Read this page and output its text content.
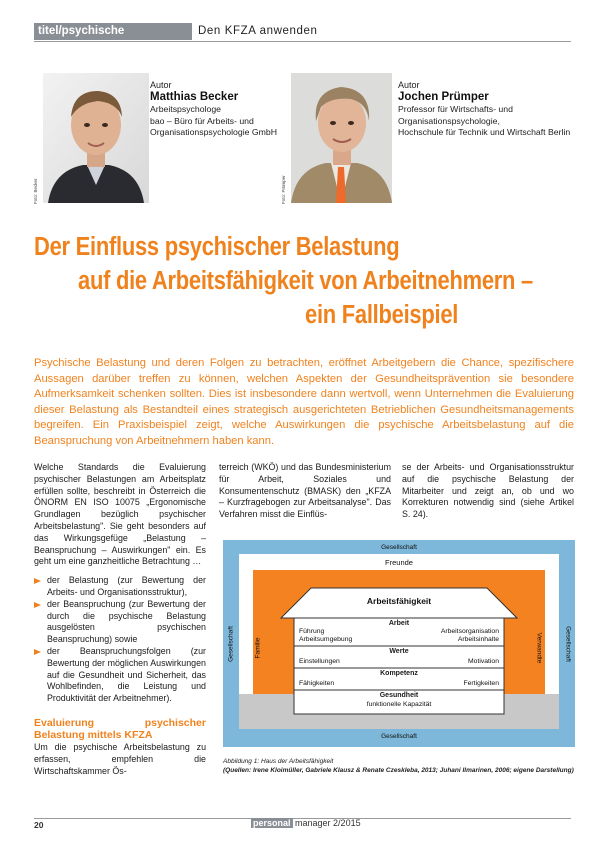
titel/psychische belastungen
Den KFZA anwenden
Foto: Becker
Autor
Matthias Becker
Arbeitspsychologe
bao – Büro für Arbeits- und
Organisationspsychologie GmbH
Foto: Prümper
Autor
Jochen Prümper
Professor für Wirtschafts- und
Organisationspsychologie,
Hochschule für Technik und Wirtschaft Berlin
Der Einfluss psychischer Belastung
auf die Arbeitsfähigkeit von Arbeitnehmern –
ein Fallbeispiel
Psychische Belastung und deren Folgen zu betrachten, eröffnet Arbeitgebern die Chance, spezifischere Aussagen darüber treffen zu können, welchen Aspekten der Gesundheitsprävention sie besondere Aufmerksamkeit schenken sollten. Dies ist insbesondere dann wertvoll, wenn Unternehmen die Evaluierung dieser Belastung als Bestandteil eines strategisch ausgerichteten Betrieblichen Gesundheitsmanagements begreifen. Ein Praxisbeispiel zeigt, welche Auswirkungen die psychische Arbeitsbelastung auf die Beanspruchung von Arbeitnehmern haben kann.

Welche Standards die Evaluierung psychischer Belastungen am Arbeitsplatz erfüllen sollte, beschreibt in Österreich die ÖNORM EN ISO 10075 „Ergonomische Grundlagen bezüglich psychischer Arbeitsbelastung". Sie geht besonders auf das Wirkungsgefüge „Belastung – Beanspruchung – Auswirkungen" ein. Es geht um eine ganzheitliche Betrachtung …

der Belastung (zur Bewertung der Arbeits- und Organisationsstruktur),

der Beanspruchung (zur Bewertung der durch die psychische Belastung ausgelösten psychischen Beanspruchung) sowie

der Beanspruchungsfolgen (zur Bewertung der möglichen Auswirkungen auf die Gesundheit und Sicherheit, das Wohlbefinden, die Leistung und Produktivität der Arbeitnehmer).

Evaluierung psychischer Belastung mittels KFZA

Um die psychische Arbeitsbelastung zu erfassen, empfehlen die Wirtschaftskammer Ös-

terreich (WKÖ) und das Bundesministerium für Arbeit, Soziales und Konsumentenschutz (BMASK) den „KFZA – Kurzfragebogen zur Arbeitsanalyse". Das Verfahren misst die Einflüs-

se der Arbeits- und Organisationsstruktur auf die psychische Belastung der Mitarbeiter und zeigt an, ob und wo Korrekturen notwendig sind (siehe Artikel S. 24).

Gesellschaft
Gesellschaft
Gesellschaft	Gesellschaft
Freunde
Familie	Verwandte
Arbeitsfähigkeit
Arbeit
Führung
Arbeitsumgebung
Arbeitsorganisation
Arbeitsinhalte
Werte
Einstellungen	Motivation
Kompetenz
Fähigkeiten	Fertigkeiten
Gesundheit
funktionelle Kapazität
Abbildung 1: Haus der Arbeitsfähigkeit
(Quellen: Irene Kloimüller, Gabriele Klausz & Renate Czeskleba, 2013; Juhani Ilmarinen, 2006; eigene Darstellung)
20	personal manager 2/2015
